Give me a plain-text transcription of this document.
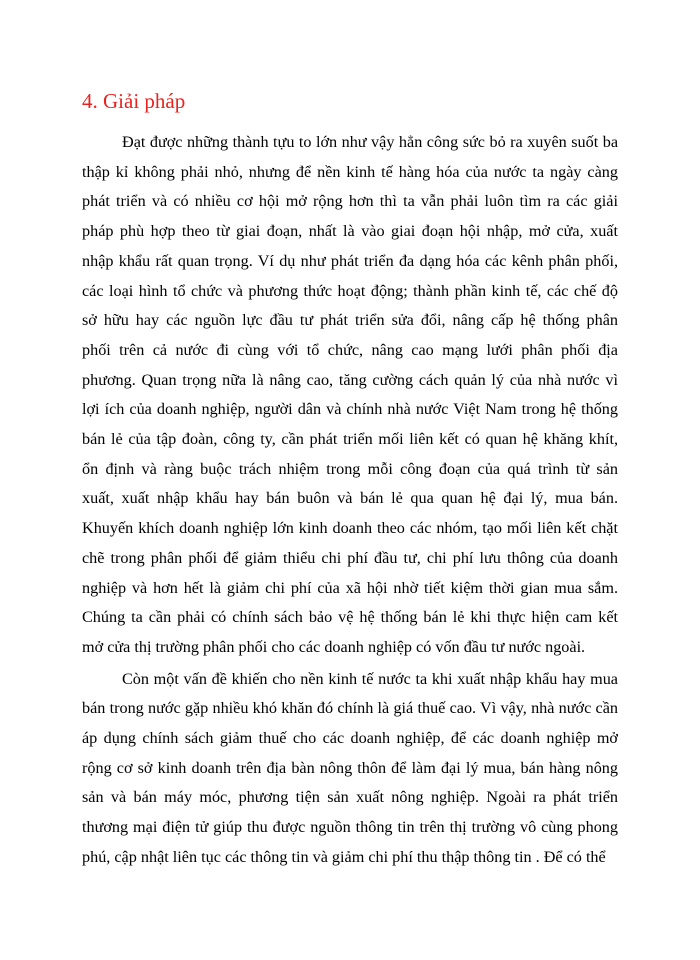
4. Giải pháp

Đạt được những thành tựu to lớn như vậy hẳn công sức bỏ ra xuyên suốt ba
thập kỉ không phải nhỏ, nhưng để nền kinh tế hàng hóa của nước ta ngày càng
phát triển và có nhiều cơ hội mở rộng hơn thì ta vẫn phải luôn tìm ra các giải
pháp phù hợp theo từ giai đoạn, nhất là vào giai đoạn hội nhập, mở cửa, xuất
nhập khẩu rất quan trọng. Ví dụ như phát triển đa dạng hóa các kênh phân phối,
các loại hình tổ chức và phương thức hoạt động; thành phần kinh tế, các chế độ
sở hữu hay các nguồn lực đầu tư phát triển sửa đổi, nâng cấp hệ thống phân
phối trên cả nước đi cùng với tổ chức, nâng cao mạng lưới phân phối địa
phương. Quan trọng nữa là nâng cao, tăng cường cách quản lý của nhà nước vì
lợi ích của doanh nghiệp, người dân và chính nhà nước Việt Nam trong hệ thống
bán lẻ của tập đoàn, công ty, cần phát triển mối liên kết có quan hệ khăng khít,
ổn định và ràng buộc trách nhiệm trong mỗi công đoạn của quá trình từ sản
xuất, xuất nhập khẩu hay bán buôn và bán lẻ qua quan hệ đại lý, mua bán.
Khuyến khích doanh nghiệp lớn kinh doanh theo các nhóm, tạo mối liên kết chặt
chẽ trong phân phối để giảm thiểu chi phí đầu tư, chi phí lưu thông của doanh
nghiệp và hơn hết là giảm chi phí của xã hội nhờ tiết kiệm thời gian mua sắm.
Chúng ta cần phải có chính sách bảo vệ hệ thống bán lẻ khi thực hiện cam kết
mở cửa thị trường phân phối cho các doanh nghiệp có vốn đầu tư nước ngoài.

Còn một vấn đề khiến cho nền kinh tế nước ta khi xuất nhập khẩu hay mua
bán trong nước gặp nhiều khó khăn đó chính là giá thuế cao. Vì vậy, nhà nước cần
áp dụng chính sách giảm thuế cho các doanh nghiệp, để các doanh nghiệp mở
rộng cơ sở kinh doanh trên địa bàn nông thôn để làm đại lý mua, bán hàng nông
sản và bán máy móc, phương tiện sản xuất nông nghiệp. Ngoài ra phát triển
thương mại điện tử giúp thu được nguồn thông tin trên thị trường vô cùng phong
phú, cập nhật liên tục các thông tin và giảm chi phí thu thập thông tin . Để có thể
